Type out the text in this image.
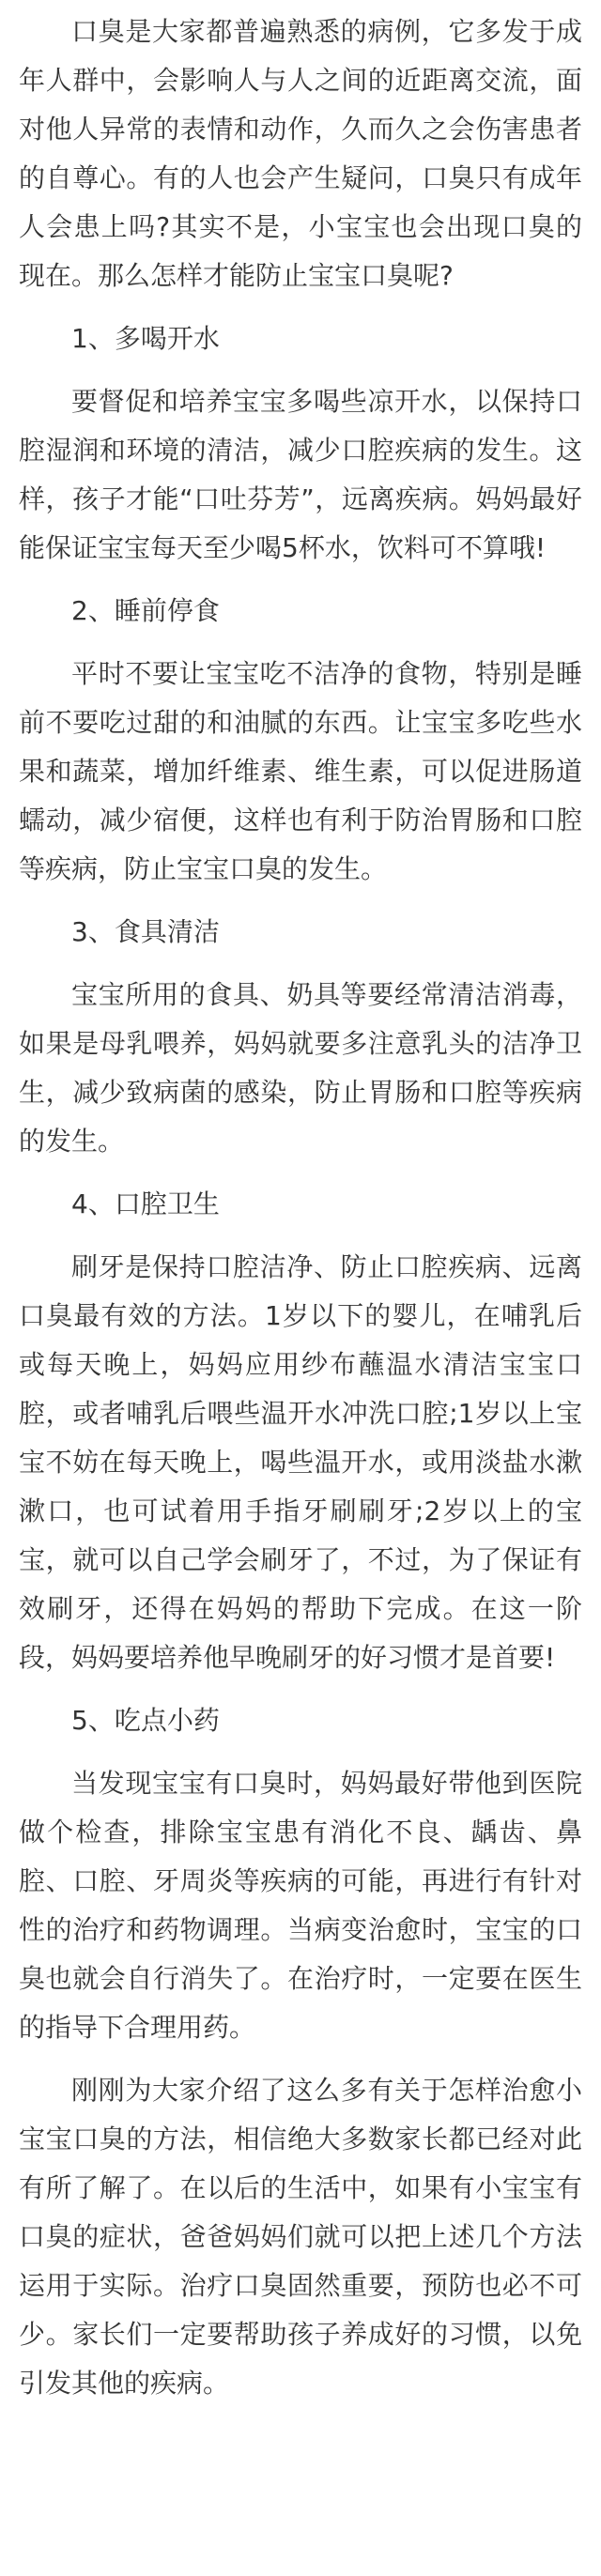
口臭是大家都普遍熟悉的病例，它多发于成年人群中，会影响人与人之间的近距离交流，面对他人异常的表情和动作，久而久之会伤害患者的自尊心。有的人也会产生疑问，口臭只有成年人会患上吗?其实不是，小宝宝也会出现口臭的现在。那么怎样才能防止宝宝口臭呢?

1、多喝开水

要督促和培养宝宝多喝些凉开水，以保持口腔湿润和环境的清洁，减少口腔疾病的发生。这样，孩子才能“口吐芬芳”，远离疾病。妈妈最好能保证宝宝每天至少喝5杯水，饮料可不算哦!

2、睡前停食

平时不要让宝宝吃不洁净的食物，特别是睡前不要吃过甜的和油腻的东西。让宝宝多吃些水果和蔬菜，增加纤维素、维生素，可以促进肠道蠕动，减少宿便，这样也有利于防治胃肠和口腔等疾病，防止宝宝口臭的发生。

3、食具清洁

宝宝所用的食具、奶具等要经常清洁消毒，如果是母乳喂养，妈妈就要多注意乳头的洁净卫生，减少致病菌的感染，防止胃肠和口腔等疾病的发生。

4、口腔卫生

刷牙是保持口腔洁净、防止口腔疾病、远离口臭最有效的方法。1岁以下的婴儿，在哺乳后或每天晚上，妈妈应用纱布蘸温水清洁宝宝口腔，或者哺乳后喂些温开水冲洗口腔;1岁以上宝宝不妨在每天晚上，喝些温开水，或用淡盐水漱漱口，也可试着用手指牙刷刷牙;2岁以上的宝宝，就可以自己学会刷牙了，不过，为了保证有效刷牙，还得在妈妈的帮助下完成。在这一阶段，妈妈要培养他早晚刷牙的好习惯才是首要!

5、吃点小药

当发现宝宝有口臭时，妈妈最好带他到医院做个检查，排除宝宝患有消化不良、龋齿、鼻腔、口腔、牙周炎等疾病的可能，再进行有针对性的治疗和药物调理。当病变治愈时，宝宝的口臭也就会自行消失了。在治疗时，一定要在医生的指导下合理用药。

刚刚为大家介绍了这么多有关于怎样治愈小宝宝口臭的方法，相信绝大多数家长都已经对此有所了解了。在以后的生活中，如果有小宝宝有口臭的症状，爸爸妈妈们就可以把上述几个方法运用于实际。治疗口臭固然重要，预防也必不可少。家长们一定要帮助孩子养成好的习惯，以免引发其他的疾病。
